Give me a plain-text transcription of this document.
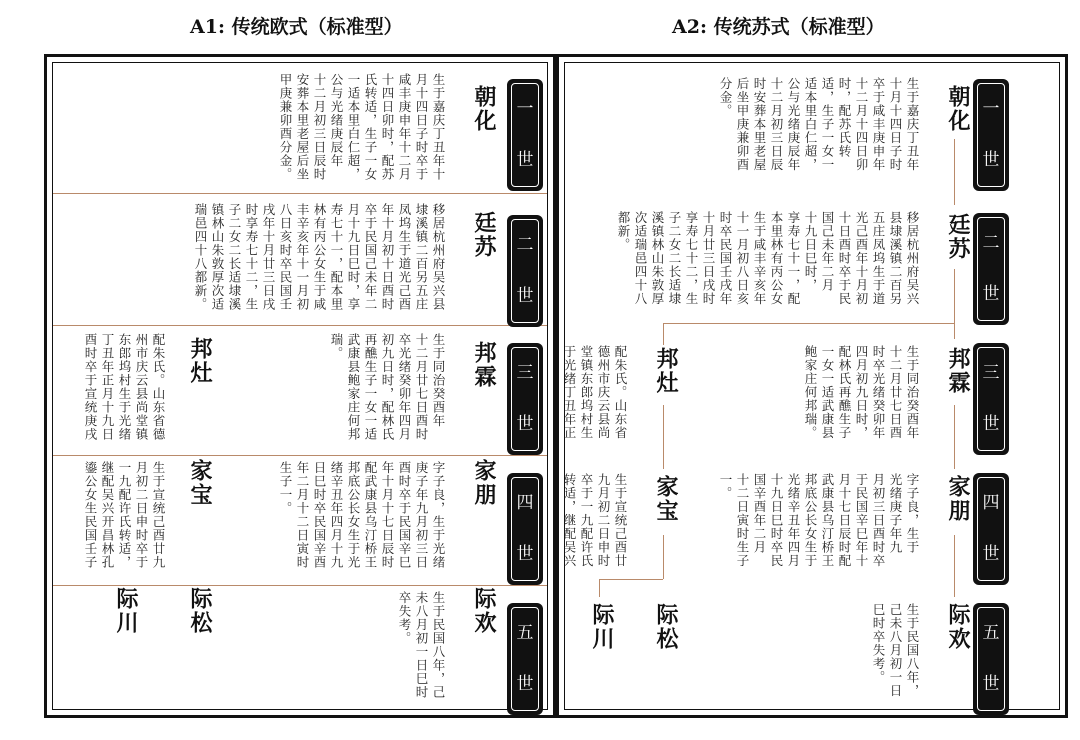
A1: 传统欧式（标准型）	A2: 传统苏式（标准型）
一
世
二
世
三
世
四
世
五
世
朝化
廷苏
邦霖
邦灶
家朋
家宝
际欢
际松
际川
生于嘉庆丁丑年十
月十四日子时卒于
咸丰庚申年十二月
十四日卯时，配苏
氏转适，生子一女
一适本里白仁超，
公与光绪庚辰年
十二月初三日辰时
安葬本里老屋后坐
甲庚兼卯酉分金。
移居杭州府吴兴县
埭溪镇二百另五庄
凤坞生于道光己酉
年十月初十日酉时
卒于民国己未年二
月十九日巳时，享
寿七十一，配本里
林有丙公女生于咸
丰辛亥年十一月初
八日亥时卒民国壬
戌年十月廿三日戌
时享寿七十二，生
子二女二长适埭溪
镇林山朱敦厚次适
瑞邑四十八都新。
生于同治癸酉年
十二月廿七日酉时
卒光绪癸卯年四月
初九日时，配林氏
再醮生子一女一适
武康县鲍家庄何邦
瑞。
配朱氏。山东省德
州市庆云县尚堂镇
东郎坞村生于光绪
丁丑年正月十九日
酉时卒于宣统庚戌
字子良，生于光绪
庚子年九月初三日
酉时卒于民国辛巳
年十月十七日辰时
配武康县乌汀桥王
邦底公长女生于光
绪辛丑年四月十九
日巳时卒民国辛酉
年二月十二日寅时
生子一。
生于宣统己酉廿九
月初二日申时卒于
一九配许氏转适，
继配吴兴开昌林孔
鎏公女生民国壬子
生于民国八年，己
未八月初一日巳时
卒失考。
一
世
二
世
三
世
四
世
五
世
朝化
廷苏
邦霖
邦灶
家朋
家宝
际欢
际松
际川
生于嘉庆丁丑年
十月十四日子时
卒于咸丰庚申年
十二月十四日卯
时，配苏氏转
适，生子一女一
适本里白仁超，
公与光绪庚辰年
十二月初三日辰
时安葬本里老屋
后坐甲庚兼卯酉
分金。
移居杭州府吴兴
县埭溪镇二百另
五庄凤坞生于道
光己酉年十月初
十日酉时卒于民
国己未年二月
十九日巳时，
享寿七十一，配
本里林有丙公女
生于咸丰辛亥年
十一月初八日亥
时卒民国壬戌年
十月廿三日戌时
享寿七十二，生
子二女二长适埭
溪镇林山朱敦厚
次适瑞邑四十八
都新。
生于同治癸酉年
十二月廿七日酉
时卒光绪癸卯年
四月初九日时，
配林氏再醮生子
一女一适武康县
鲍家庄何邦瑞。
配朱氏。山东省
德州市庆云县尚
堂镇东郎坞村生
于光绪丁丑年正
字子良，生于
光绪庚子年九
月初三日酉时卒
于民国辛巳年十
月十七日辰时配
武康县乌汀桥王
邦底公长女生于
光绪辛丑年四月
十九日巳时卒民
国辛酉年二月
十二日寅时生子
一。
生于宣统己酉廿
九月初二日申时
卒于一九配许氏
转适，继配吴兴
生于民国八年，
己未八月初一日
巳时卒失考。
